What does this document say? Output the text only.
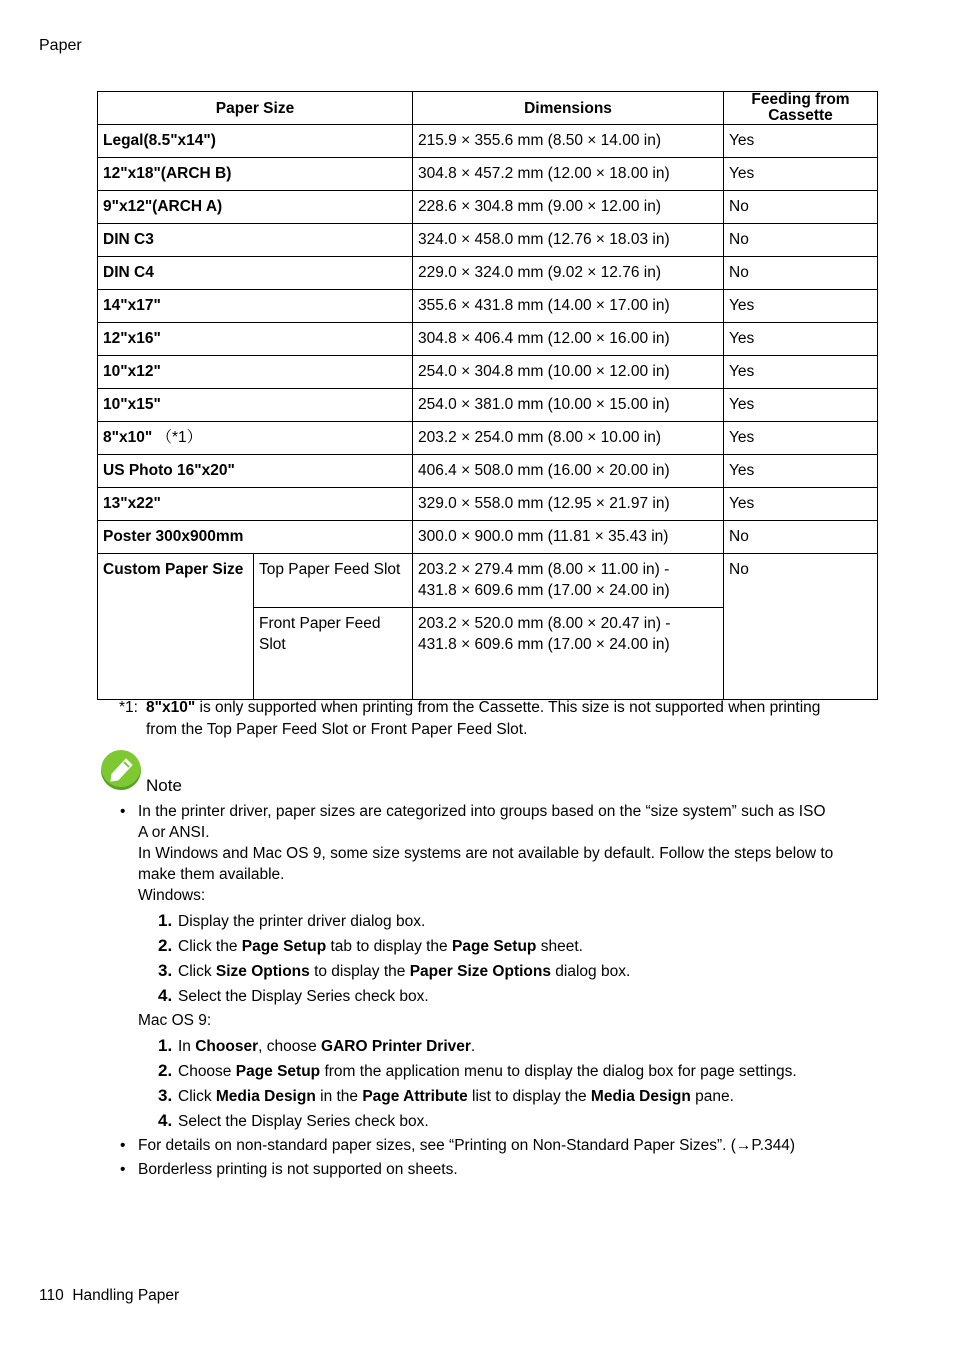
Paper
Paper Size		Dimensions	Feeding from Cassette
Legal(8.5"x14")		215.9 × 355.6 mm (8.50 × 14.00 in)	Yes
12"x18"(ARCH B)		304.8 × 457.2 mm (12.00 × 18.00 in)	Yes
9"x12"(ARCH A)		228.6 × 304.8 mm (9.00 × 12.00 in)	No
DIN C3		324.0 × 458.0 mm (12.76 × 18.03 in)	No
DIN C4		229.0 × 324.0 mm (9.02 × 12.76 in)	No
14"x17"		355.6 × 431.8 mm (14.00 × 17.00 in)	Yes
12"x16"		304.8 × 406.4 mm (12.00 × 16.00 in)	Yes
10"x12"		254.0 × 304.8 mm (10.00 × 12.00 in)	Yes
10"x15"		254.0 × 381.0 mm (10.00 × 15.00 in)	Yes
8"x10" （*1）		203.2 × 254.0 mm (8.00 × 10.00 in)	Yes
US Photo 16"x20"		406.4 × 508.0 mm (16.00 × 20.00 in)	Yes
13"x22"		329.0 × 558.0 mm (12.95 × 21.97 in)	Yes
Poster 300x900mm		300.0 × 900.0 mm (11.81 × 35.43 in)	No
Custom Paper Size	Top Paper Feed Slot	203.2 × 279.4 mm (8.00 × 11.00 in) -
431.8 × 609.6 mm (17.00 × 24.00 in)	No
	Front Paper Feed Slot	203.2 × 520.0 mm (8.00 × 20.47 in) -
431.8 × 609.6 mm (17.00 × 24.00 in)	
*1: 8"x10" is only supported when printing from the Cassette. This size is not supported when printing
from the Top Paper Feed Slot or Front Paper Feed Slot.
Note
• In the printer driver, paper sizes are categorized into groups based on the “size system” such as ISO
A or ANSI.
In Windows and Mac OS 9, some size systems are not available by default. Follow the steps below to
make them available.
Windows:
1. Display the printer driver dialog box.
2. Click the Page Setup tab to display the Page Setup sheet.
3. Click Size Options to display the Paper Size Options dialog box.
4. Select the Display Series check box.
Mac OS 9:
1. In Chooser, choose GARO Printer Driver.
2. Choose Page Setup from the application menu to display the dialog box for page settings.
3. Click Media Design in the Page Attribute list to display the Media Design pane.
4. Select the Display Series check box.
• For details on non-standard paper sizes, see “Printing on Non-Standard Paper Sizes”. (→P.344)
• Borderless printing is not supported on sheets.
110 Handling Paper
